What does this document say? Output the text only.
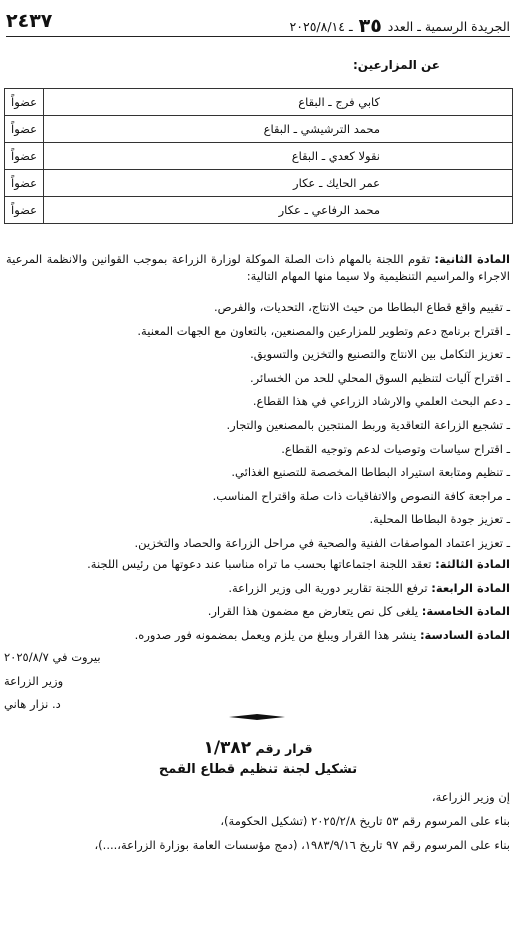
الجريدة الرسمية ـ العدد ٣٥ ـ ٢٠٢٥/٨/١٤
٢٤٣٧
عن المزارعين:
كابي فرج ـ البقاع	عضواً
محمد الترشيشي ـ البقاع	عضواً
نقولا كعدي ـ البقاع	عضواً
عمر الحايك ـ عكار	عضواً
محمد الرفاعي ـ عكار	عضواً
المادة الثانية: تقوم اللجنة بالمهام ذات الصلة الموكلة لوزارة الزراعة بموجب القوانين والانظمة المرعية الاجراء والمراسيم التنظيمية ولا سيما منها المهام التالية:
ـ تقييم واقع قطاع البطاطا من حيث الانتاج، التحديات، والفرص.
ـ اقتراح برنامج دعم وتطوير للمزارعين والمصنعين، بالتعاون مع الجهات المعنية.
ـ تعزيز التكامل بين الانتاج والتصنيع والتخزين والتسويق.
ـ اقتراح آليات لتنظيم السوق المحلي للحد من الخسائر.
ـ دعم البحث العلمي والارشاد الزراعي في هذا القطاع.
ـ تشجيع الزراعة التعاقدية وربط المنتجين بالمصنعين والتجار.
ـ اقتراح سياسات وتوصيات لدعم وتوجيه القطاع.
ـ تنظيم ومتابعة استيراد البطاطا المخصصة للتصنيع الغذائي.
ـ مراجعة كافة النصوص والاتفاقيات ذات صلة واقتراح المناسب.
ـ تعزيز جودة البطاطا المحلية.
ـ تعزيز اعتماد المواصفات الفنية والصحية في مراحل الزراعة والحصاد والتخزين.
المادة الثالثة: تعقد اللجنة اجتماعاتها بحسب ما تراه مناسبا عند دعوتها من رئيس اللجنة.
المادة الرابعة: ترفع اللجنة تقارير دورية الى وزير الزراعة.
المادة الخامسة: يلغى كل نص يتعارض مع مضمون هذا القرار.
المادة السادسة: ينشر هذا القرار ويبلغ من يلزم ويعمل بمضمونه فور صدوره.
بيروت في ٢٠٢٥/٨/٧
وزير الزراعة
د. نزار هاني
قرار رقم ١/٣٨٢
تشكيل لجنة تنظيم قطاع القمح
إن وزير الزراعة،
بناء على المرسوم رقم ٥٣ تاريخ ٢٠٢٥/٢/٨ (تشكيل الحكومة)،
بناء على المرسوم رقم ٩٧ تاريخ ١٩٨٣/٩/١٦، (دمج مؤسسات العامة بوزارة الزراعة،....)،
